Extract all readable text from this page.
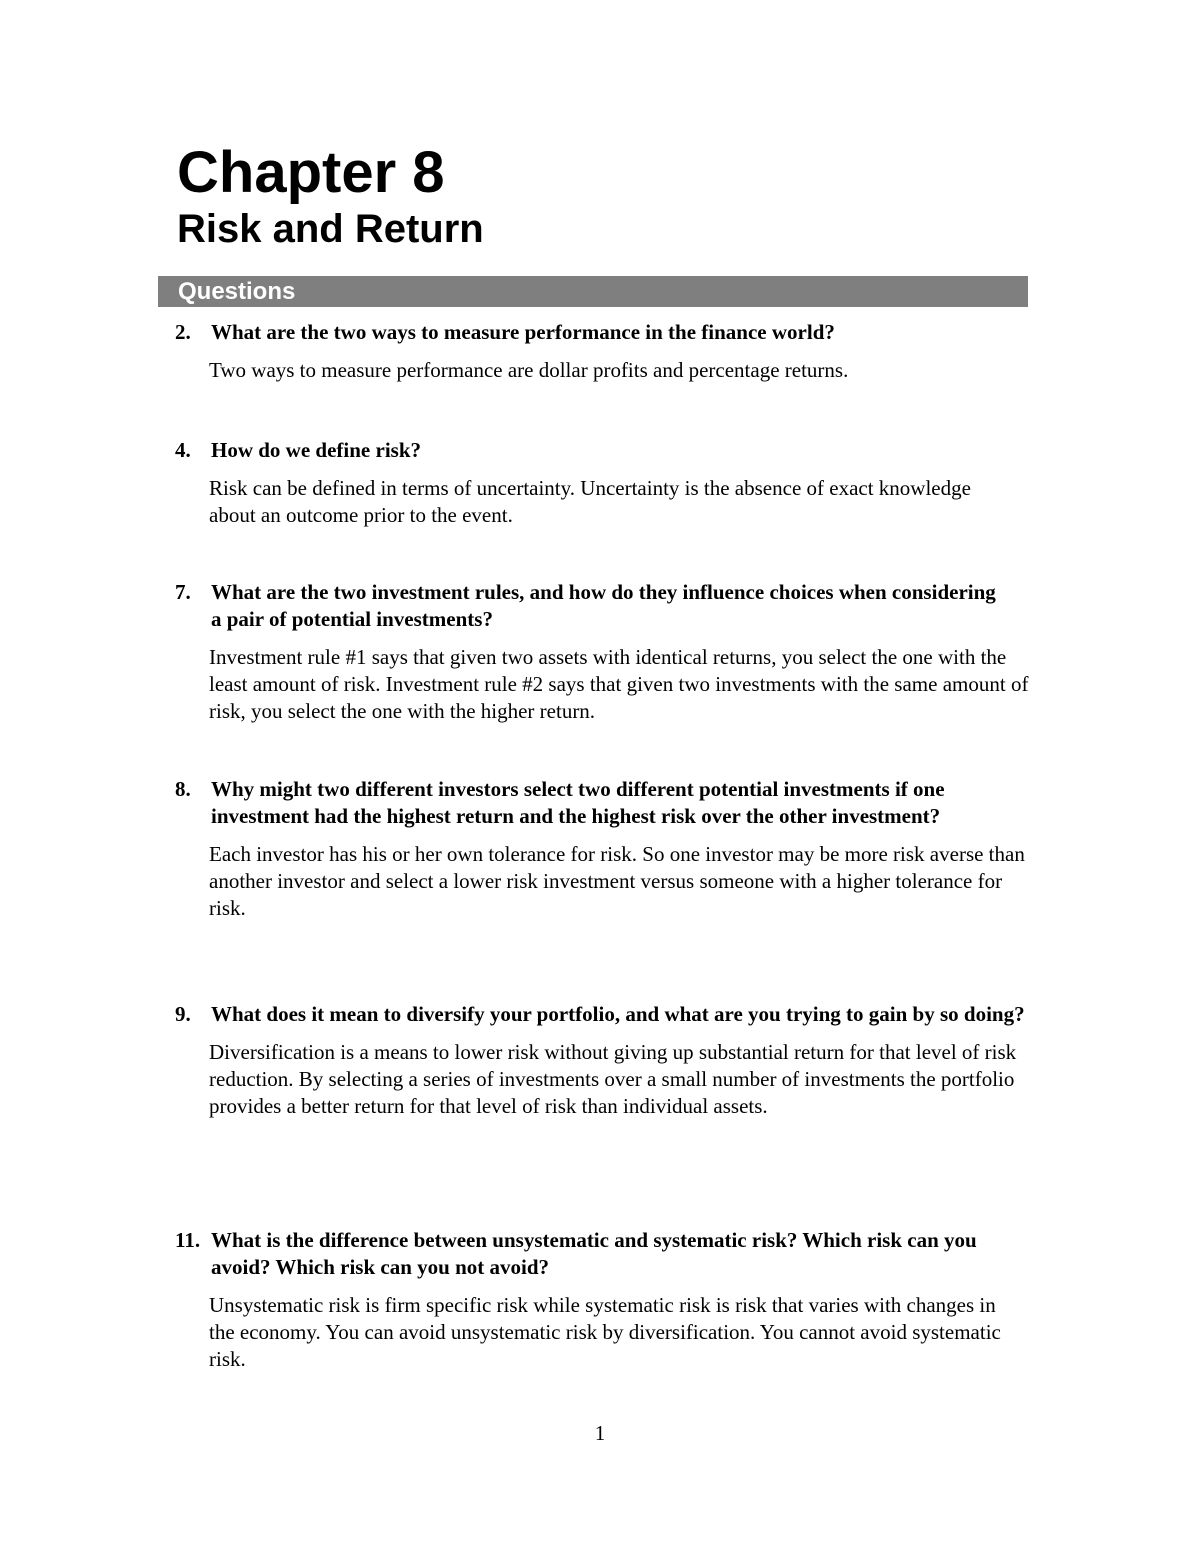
Chapter 8
Risk and Return
Questions

2. What are the two ways to measure performance in the finance world?

Two ways to measure performance are dollar profits and percentage returns.

4. How do we define risk?

Risk can be defined in terms of uncertainty. Uncertainty is the absence of exact knowledge about an outcome prior to the event.

7. What are the two investment rules, and how do they influence choices when considering a pair of potential investments?

Investment rule #1 says that given two assets with identical returns, you select the one with the least amount of risk. Investment rule #2 says that given two investments with the same amount of risk, you select the one with the higher return.

8. Why might two different investors select two different potential investments if one investment had the highest return and the highest risk over the other investment?

Each investor has his or her own tolerance for risk. So one investor may be more risk averse than another investor and select a lower risk investment versus someone with a higher tolerance for risk.

9. What does it mean to diversify your portfolio, and what are you trying to gain by so doing?

Diversification is a means to lower risk without giving up substantial return for that level of risk reduction. By selecting a series of investments over a small number of investments the portfolio provides a better return for that level of risk than individual assets.

11. What is the difference between unsystematic and systematic risk? Which risk can you avoid? Which risk can you not avoid?

Unsystematic risk is firm specific risk while systematic risk is risk that varies with changes in the economy. You can avoid unsystematic risk by diversification. You cannot avoid systematic risk.
1
